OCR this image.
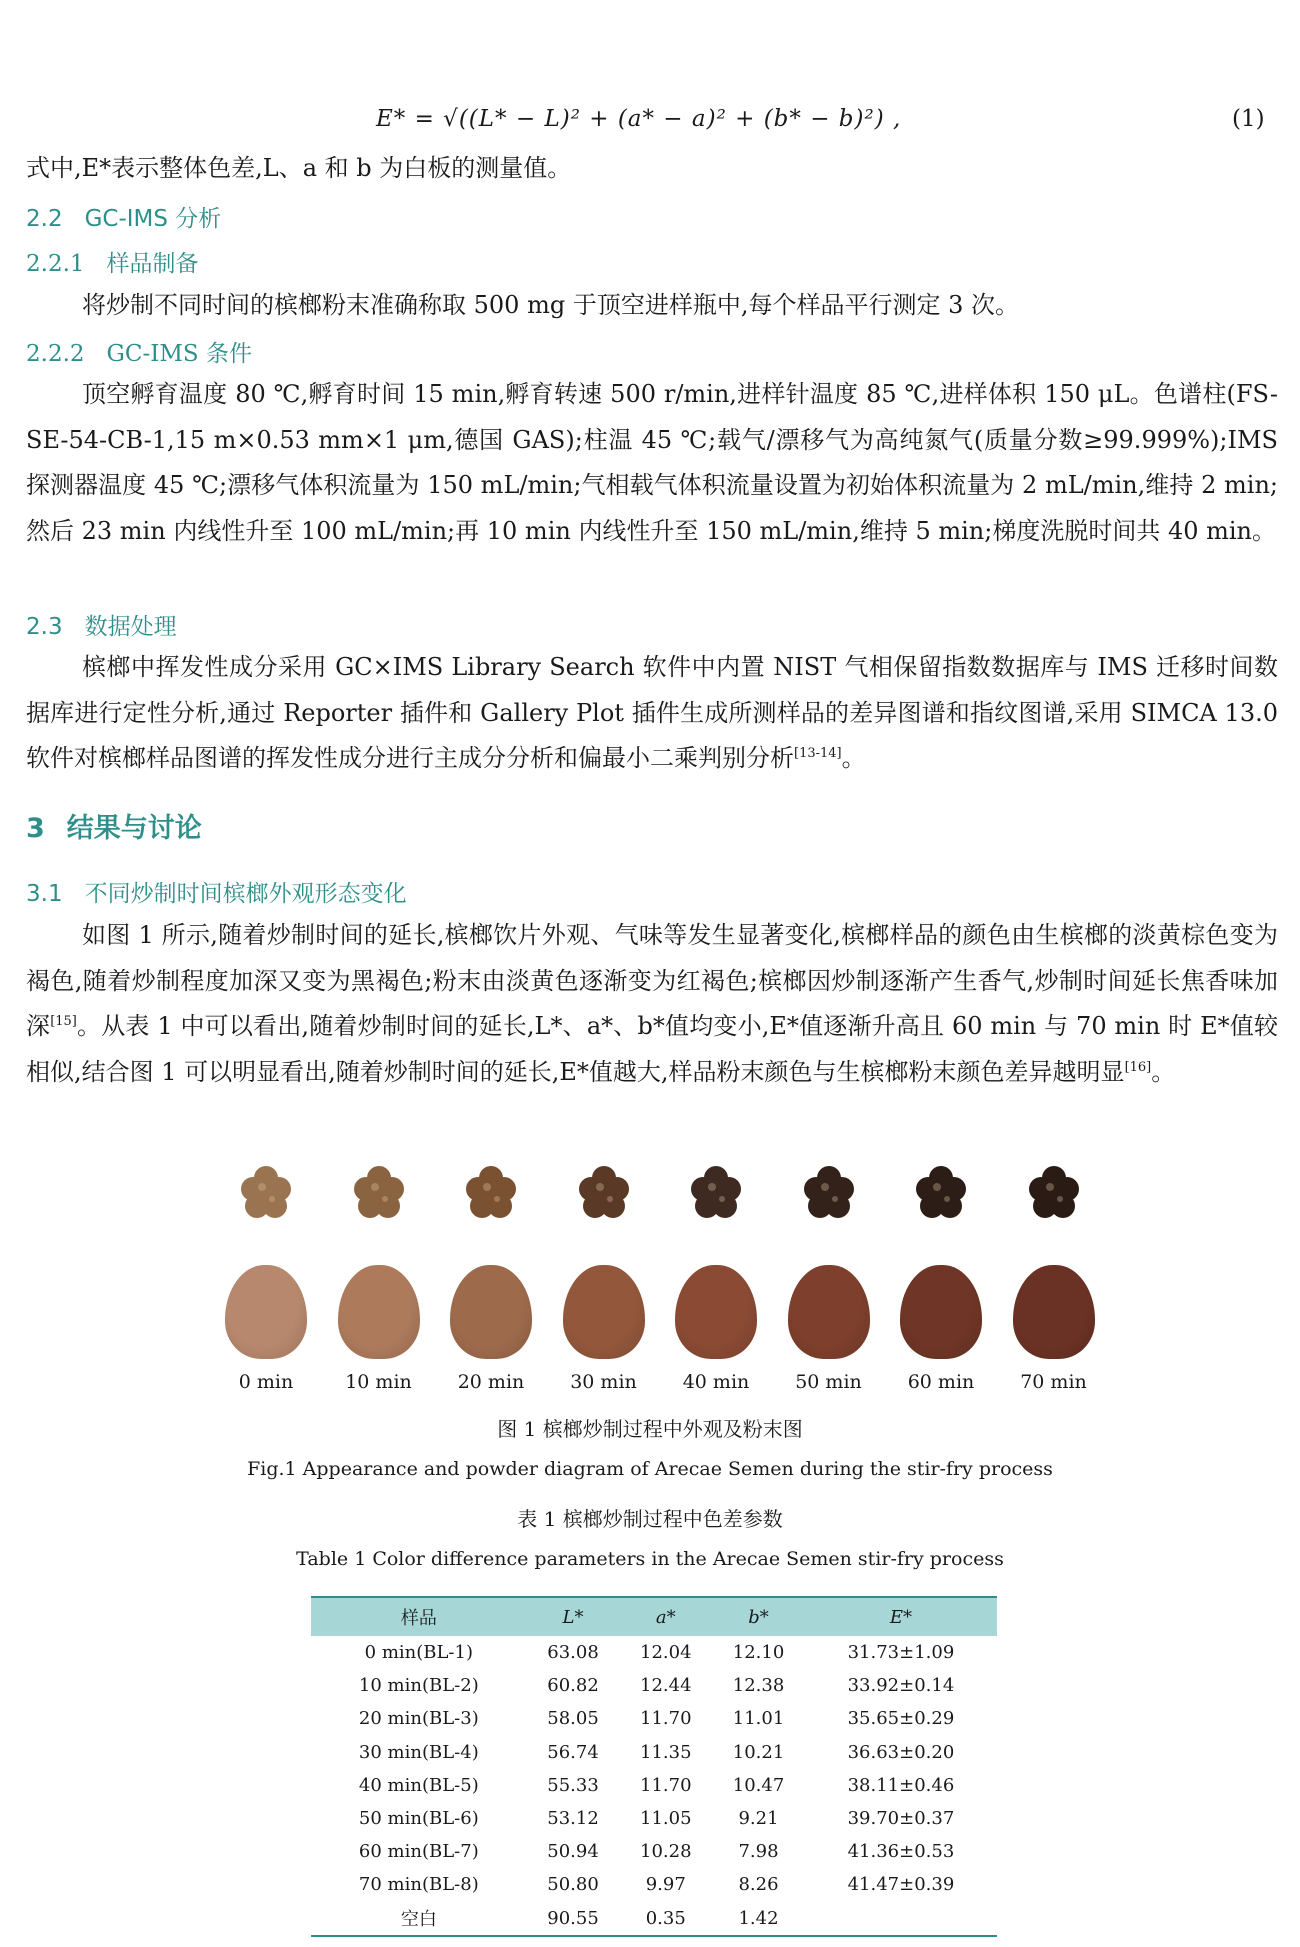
E* = √((L* − L)² + (a* − a)² + (b* − b)²) ,	(1)
式中,E*表示整体色差,L、a 和 b 为白板的测量值。
2.2 GC-IMS 分析
2.2.1 样品制备
将炒制不同时间的槟榔粉末准确称取 500 mg 于顶空进样瓶中,每个样品平行测定 3 次。
2.2.2 GC-IMS 条件
顶空孵育温度 80 ℃,孵育时间 15 min,孵育转速 500 r/min,进样针温度 85 ℃,进样体积 150 μL。色谱柱(FS-SE-54-CB-1,15 m×0.53 mm×1 μm,德国 GAS);柱温 45 ℃;载气/漂移气为高纯氮气(质量分数≥99.999%);IMS 探测器温度 45 ℃;漂移气体积流量为 150 mL/min;气相载气体积流量设置为初始体积流量为 2 mL/min,维持 2 min;然后 23 min 内线性升至 100 mL/min;再 10 min 内线性升至 150 mL/min,维持 5 min;梯度洗脱时间共 40 min。
2.3 数据处理
槟榔中挥发性成分采用 GC×IMS Library Search 软件中内置 NIST 气相保留指数数据库与 IMS 迁移时间数据库进行定性分析,通过 Reporter 插件和 Gallery Plot 插件生成所测样品的差异图谱和指纹图谱,采用 SIMCA 13.0 软件对槟榔样品图谱的挥发性成分进行主成分分析和偏最小二乘判别分析[13-14]。
3 结果与讨论
3.1 不同炒制时间槟榔外观形态变化
如图 1 所示,随着炒制时间的延长,槟榔饮片外观、气味等发生显著变化,槟榔样品的颜色由生槟榔的淡黄棕色变为褐色,随着炒制程度加深又变为黑褐色;粉末由淡黄色逐渐变为红褐色;槟榔因炒制逐渐产生香气,炒制时间延长焦香味加深[15]。从表 1 中可以看出,随着炒制时间的延长,L*、a*、b*值均变小,E*值逐渐升高且 60 min 与 70 min 时 E*值较相似,结合图 1 可以明显看出,随着炒制时间的延长,E*值越大,样品粉末颜色与生槟榔粉末颜色差异越明显[16]。
0 min	10 min	20 min	30 min	40 min	50 min	60 min	70 min
图 1 槟榔炒制过程中外观及粉末图
Fig.1 Appearance and powder diagram of Arecae Semen during the stir-fry process
表 1 槟榔炒制过程中色差参数
Table 1 Color difference parameters in the Arecae Semen stir-fry process
样品	L*	a*	b*	E*
0 min(BL-1)	63.08	12.04	12.10	31.73±1.09
10 min(BL-2)	60.82	12.44	12.38	33.92±0.14
20 min(BL-3)	58.05	11.70	11.01	35.65±0.29
30 min(BL-4)	56.74	11.35	10.21	36.63±0.20
40 min(BL-5)	55.33	11.70	10.47	38.11±0.46
50 min(BL-6)	53.12	11.05	9.21	39.70±0.37
60 min(BL-7)	50.94	10.28	7.98	41.36±0.53
70 min(BL-8)	50.80	9.97	8.26	41.47±0.39
空白	90.55	0.35	1.42	
